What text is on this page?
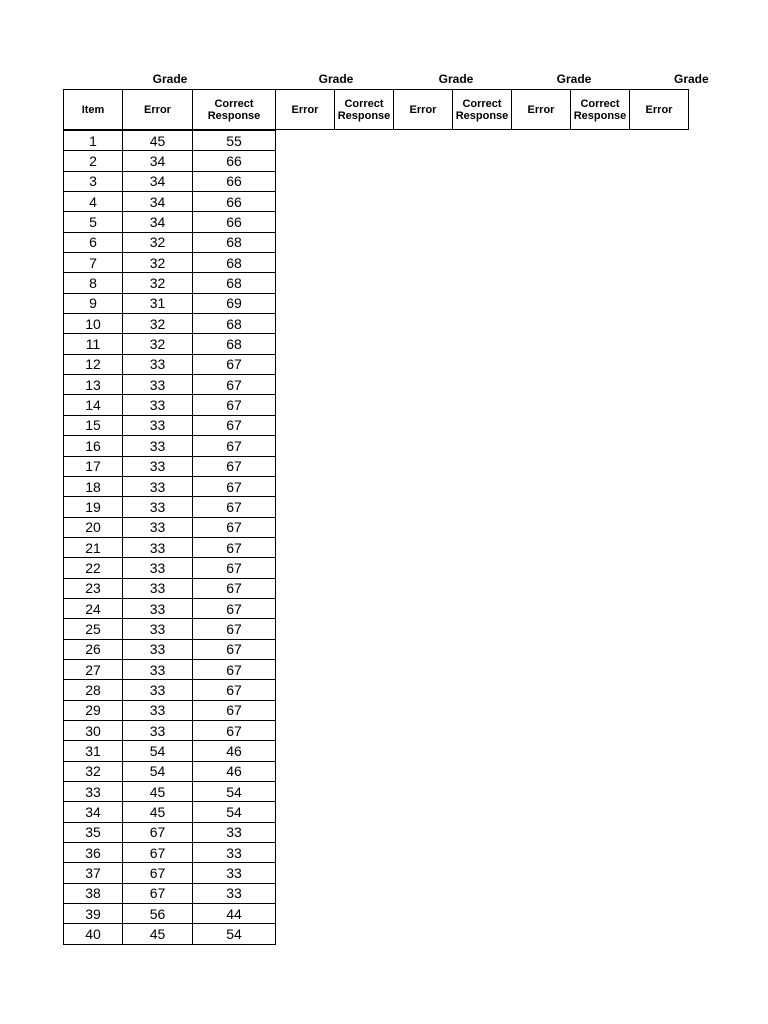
Grade	Grade	Grade	Grade	Grade
Item	Error	Correct Response	Error	Correct Response	Error	Correct Response	Error	Correct Response	Error
1	45	55
2	34	66
3	34	66
4	34	66
5	34	66
6	32	68
7	32	68
8	32	68
9	31	69
10	32	68
11	32	68
12	33	67
13	33	67
14	33	67
15	33	67
16	33	67
17	33	67
18	33	67
19	33	67
20	33	67
21	33	67
22	33	67
23	33	67
24	33	67
25	33	67
26	33	67
27	33	67
28	33	67
29	33	67
30	33	67
31	54	46
32	54	46
33	45	54
34	45	54
35	67	33
36	67	33
37	67	33
38	67	33
39	56	44
40	45	54
